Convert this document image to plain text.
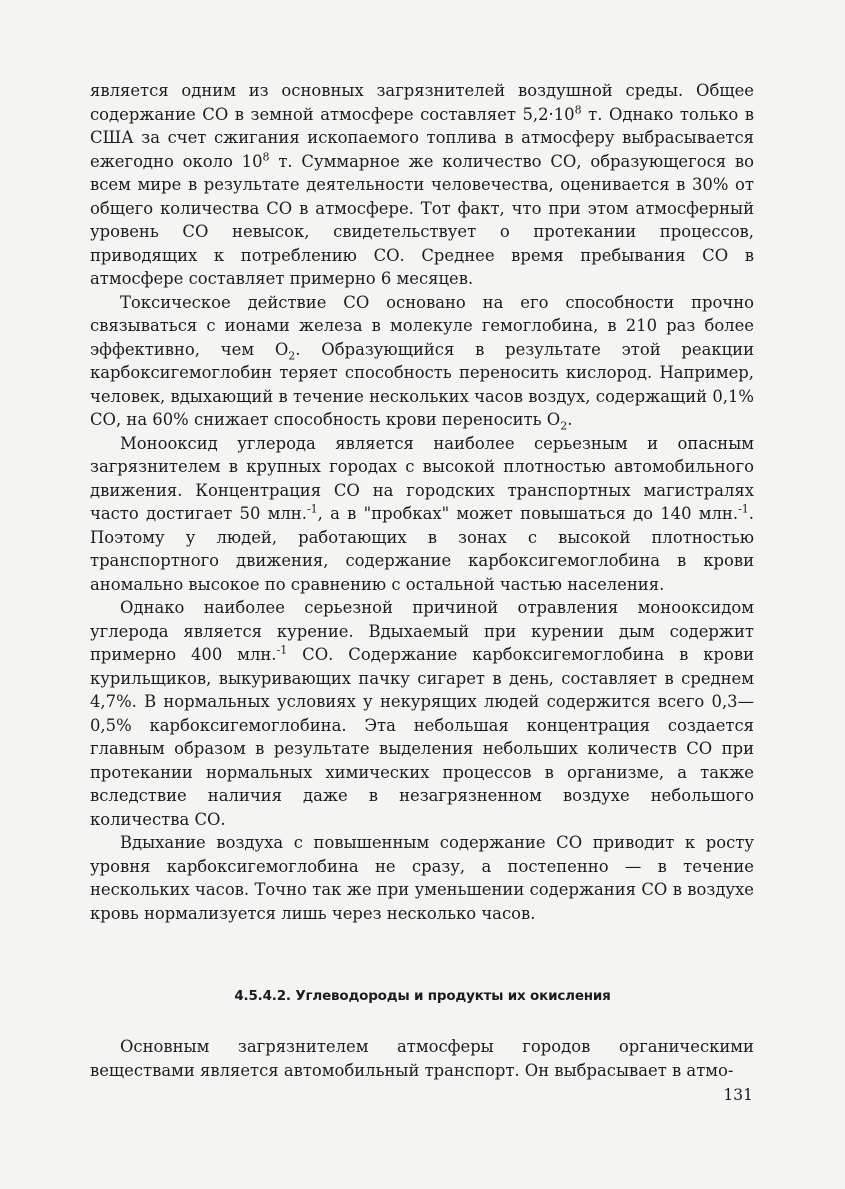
является одним из основных загрязнителей воздушной среды. Общее содержание СО в земной атмосфере составляет $5,2\cdot 10^8$ т. Однако только в США за счет сжигания ископаемого топлива в атмосферу выбрасывается ежегодно около $10^8$ т. Суммарное же количество СО, образующегося во всем мире в результате деятельности человечества, оценивается в 30% от общего количества СО в атмосфере. Тот факт, что при этом атмосферный уровень СО невысок, свидетельствует о протекании процессов, приводящих к потреблению СО. Среднее время пребывания СО в атмосфере составляет примерно 6 месяцев.

Токсическое действие СО основано на его способности прочно связываться с ионами железа в молекуле гемоглобина, в 210 раз более эффективно, чем $О_2$. Образующийся в результате этой реакции карбоксигемоглобин теряет способность переносить кислород. Например, человек, вдыхающий в течение нескольких часов воздух, содержащий 0,1% СО, на 60% снижает способность крови переносить $О_2$.

Монооксид углерода является наиболее серьезным и опасным загрязнителем в крупных городах с высокой плотностью автомобильного движения. Концентрация СО на городских транспортных магистралях часто достигает 50 млн.$^{-1}$, а в "пробках" может повышаться до 140 млн.$^{-1}$. Поэтому у людей, работающих в зонах с высокой плотностью транспортного движения, содержание карбоксигемоглобина в крови аномально высокое по сравнению с остальной частью населения.

Однако наиболее серьезной причиной отравления монооксидом углерода является курение. Вдыхаемый при курении дым содержит примерно 400 млн.$^{-1}$ СО. Содержание карбоксигемоглобина в крови курильщиков, выкуривающих пачку сигарет в день, составляет в среднем 4,7%. В нормальных условиях у некурящих людей содержится всего 0,3—0,5% карбоксигемоглобина. Эта небольшая концентрация создается главным образом в результате выделения небольших количеств СО при протекании нормальных химических процессов в организме, а также вследствие наличия даже в незагрязненном воздухе небольшого количества СО.

Вдыхание воздуха с повышенным содержание СО приводит к росту уровня карбоксигемоглобина не сразу, а постепенно — в течение нескольких часов. Точно так же при уменьшении содержания СО в воздухе кровь нормализуется лишь через несколько часов.

4.5.4.2. Углеводороды и продукты их окисления

Основным загрязнителем атмосферы городов органическими веществами является автомобильный транспорт. Он выбрасывает в атмо-

131
